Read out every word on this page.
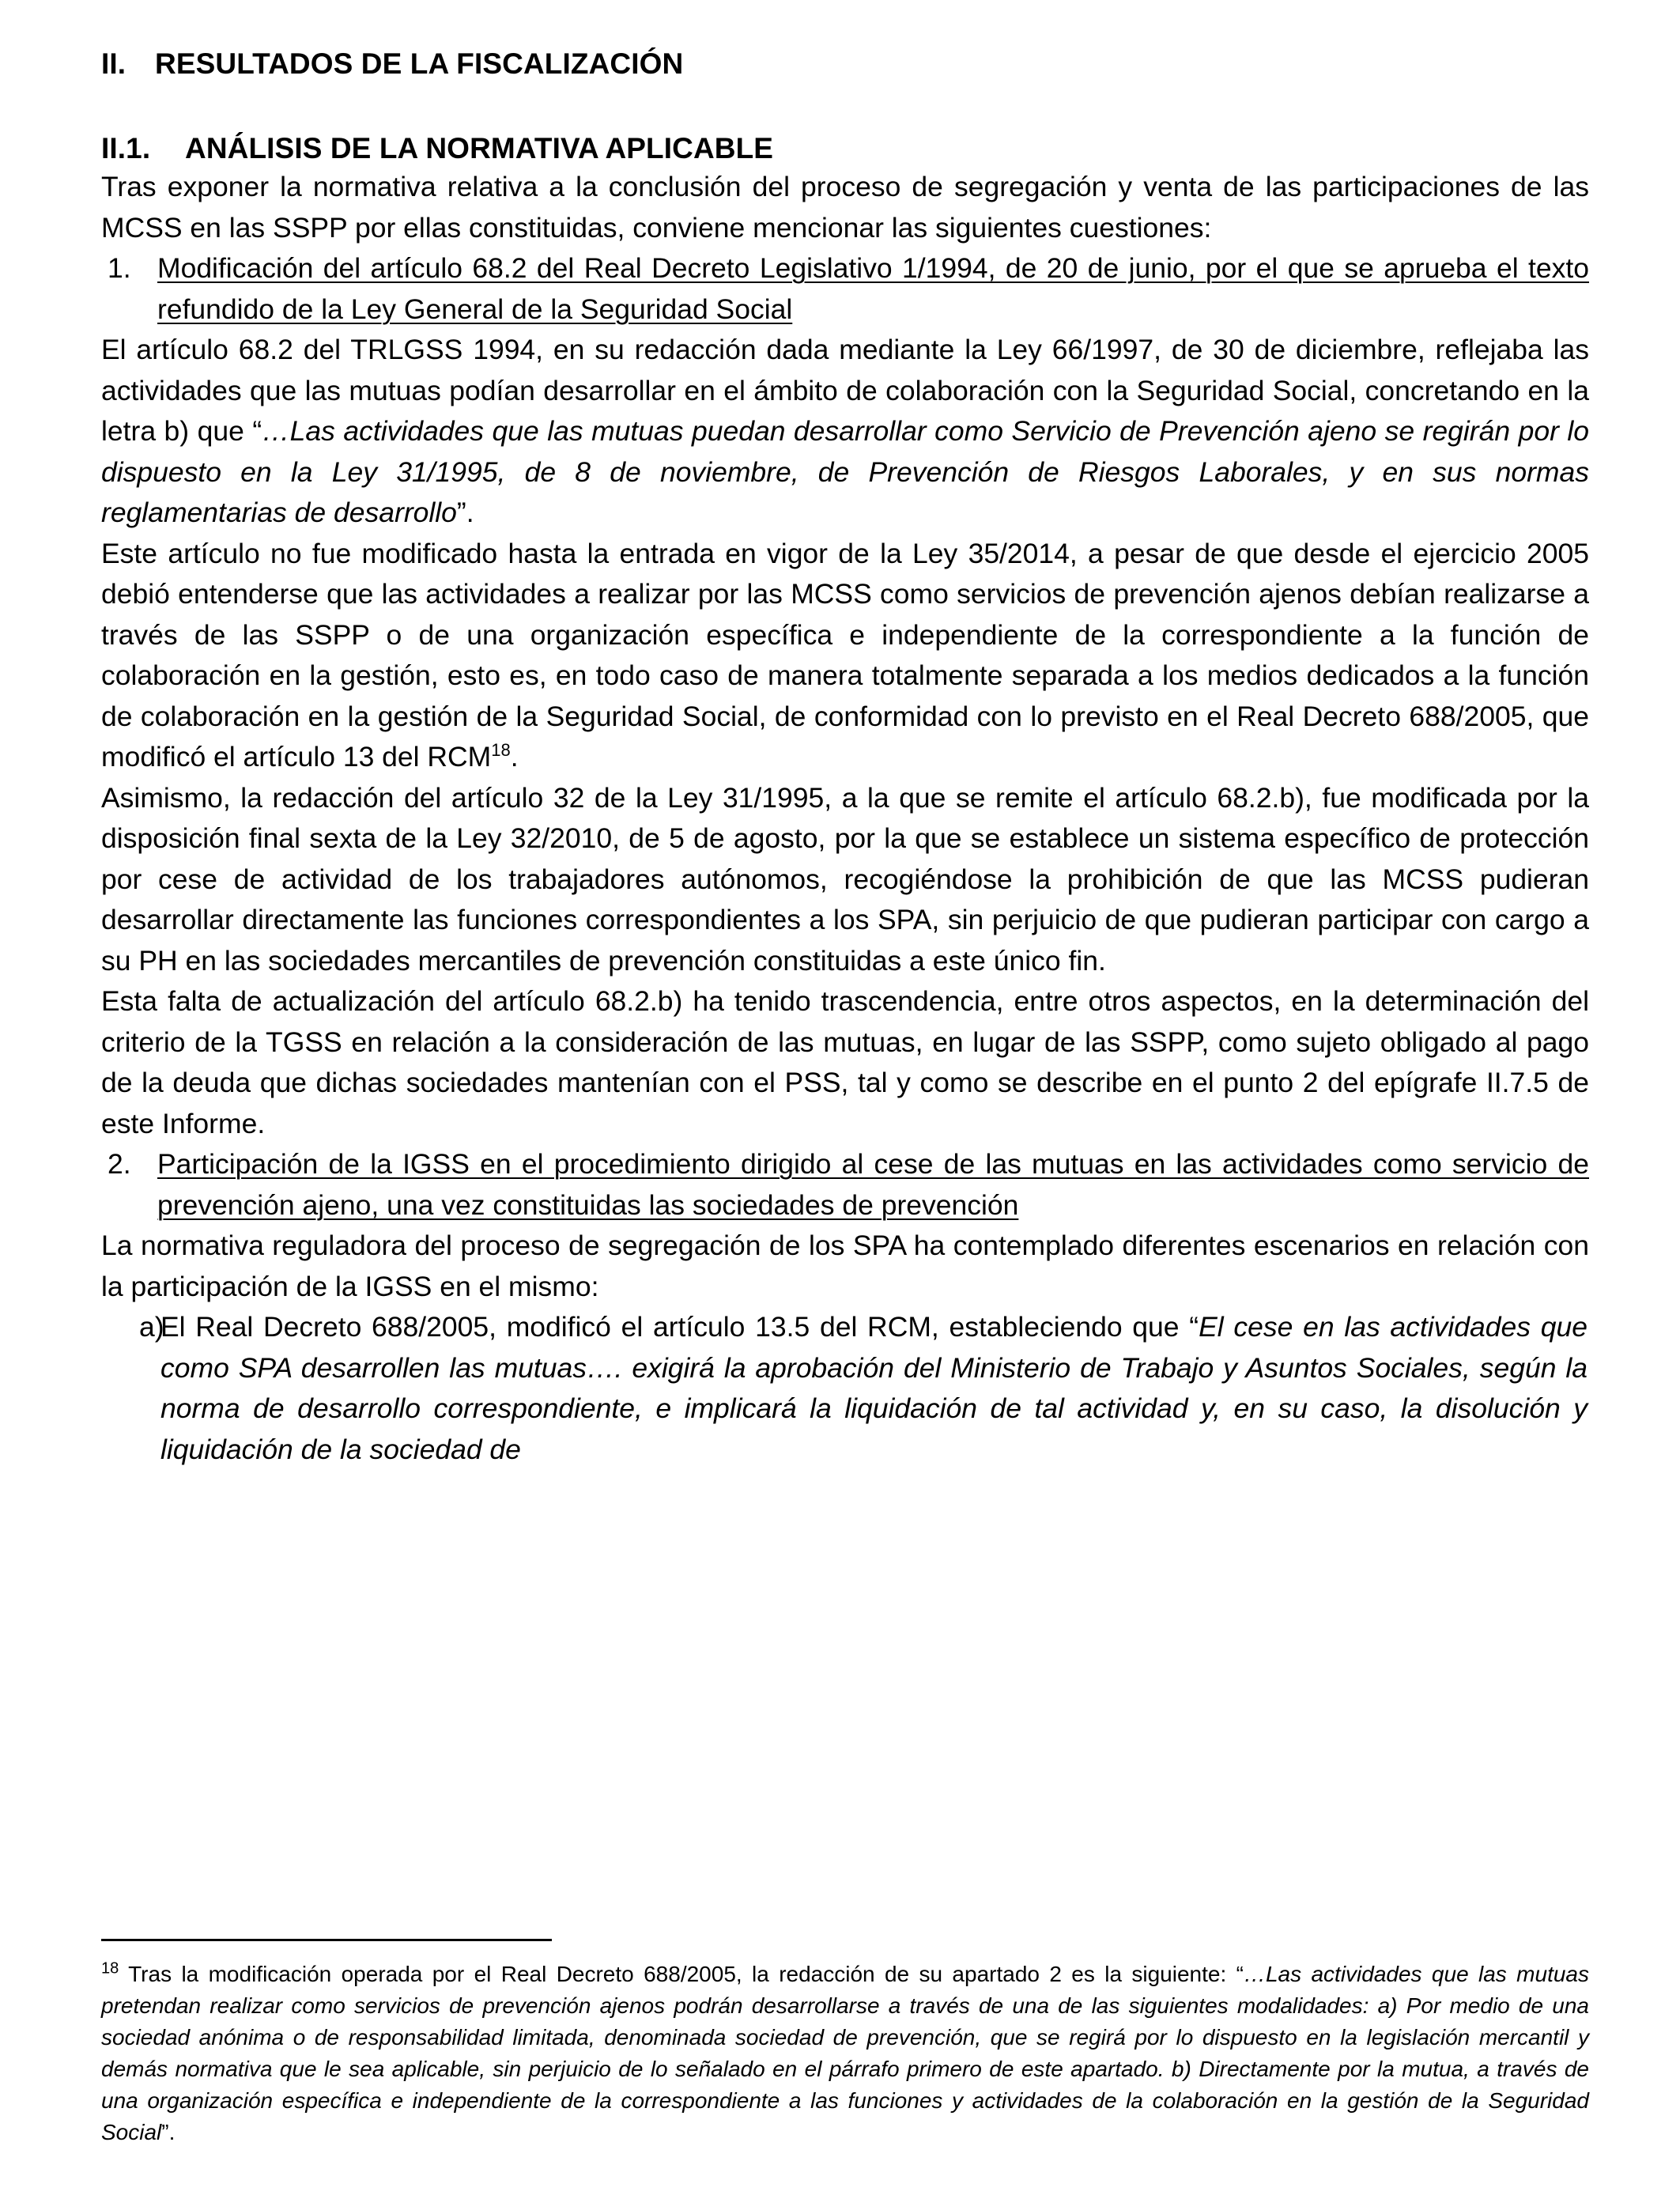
II. RESULTADOS DE LA FISCALIZACIÓN
II.1. ANÁLISIS DE LA NORMATIVA APLICABLE

Tras exponer la normativa relativa a la conclusión del proceso de segregación y venta de las participaciones de las MCSS en las SSPP por ellas constituidas, conviene mencionar las siguientes cuestiones:

1. Modificación del artículo 68.2 del Real Decreto Legislativo 1/1994, de 20 de junio, por el que se aprueba el texto refundido de la Ley General de la Seguridad Social

El artículo 68.2 del TRLGSS 1994, en su redacción dada mediante la Ley 66/1997, de 30 de diciembre, reflejaba las actividades que las mutuas podían desarrollar en el ámbito de colaboración con la Seguridad Social, concretando en la letra b) que “…Las actividades que las mutuas puedan desarrollar como Servicio de Prevención ajeno se regirán por lo dispuesto en la Ley 31/1995, de 8 de noviembre, de Prevención de Riesgos Laborales, y en sus normas reglamentarias de desarrollo”.

Este artículo no fue modificado hasta la entrada en vigor de la Ley 35/2014, a pesar de que desde el ejercicio 2005 debió entenderse que las actividades a realizar por las MCSS como servicios de prevención ajenos debían realizarse a través de las SSPP o de una organización específica e independiente de la correspondiente a la función de colaboración en la gestión, esto es, en todo caso de manera totalmente separada a los medios dedicados a la función de colaboración en la gestión de la Seguridad Social, de conformidad con lo previsto en el Real Decreto 688/2005, que modificó el artículo 13 del RCM$^{18}$.

Asimismo, la redacción del artículo 32 de la Ley 31/1995, a la que se remite el artículo 68.2.b), fue modificada por la disposición final sexta de la Ley 32/2010, de 5 de agosto, por la que se establece un sistema específico de protección por cese de actividad de los trabajadores autónomos, recogiéndose la prohibición de que las MCSS pudieran desarrollar directamente las funciones correspondientes a los SPA, sin perjuicio de que pudieran participar con cargo a su PH en las sociedades mercantiles de prevención constituidas a este único fin.

Esta falta de actualización del artículo 68.2.b) ha tenido trascendencia, entre otros aspectos, en la determinación del criterio de la TGSS en relación a la consideración de las mutuas, en lugar de las SSPP, como sujeto obligado al pago de la deuda que dichas sociedades mantenían con el PSS, tal y como se describe en el punto 2 del epígrafe II.7.5 de este Informe.

2. Participación de la IGSS en el procedimiento dirigido al cese de las mutuas en las actividades como servicio de prevención ajeno, una vez constituidas las sociedades de prevención

La normativa reguladora del proceso de segregación de los SPA ha contemplado diferentes escenarios en relación con la participación de la IGSS en el mismo:

a)
El Real Decreto 688/2005, modificó el artículo 13.5 del RCM, estableciendo que “El cese en las actividades que como SPA desarrollen las mutuas…. exigirá la aprobación del Ministerio de Trabajo y Asuntos Sociales, según la norma de desarrollo correspondiente, e implicará la liquidación de tal actividad y, en su caso, la disolución y liquidación de la sociedad de

$^{18}$ Tras la modificación operada por el Real Decreto 688/2005, la redacción de su apartado 2 es la siguiente: “…Las actividades que las mutuas pretendan realizar como servicios de prevención ajenos podrán desarrollarse a través de una de las siguientes modalidades: a) Por medio de una sociedad anónima o de responsabilidad limitada, denominada sociedad de prevención, que se regirá por lo dispuesto en la legislación mercantil y demás normativa que le sea aplicable, sin perjuicio de lo señalado en el párrafo primero de este apartado. b) Directamente por la mutua, a través de una organización específica e independiente de la correspondiente a las funciones y actividades de la colaboración en la gestión de la Seguridad Social”.
